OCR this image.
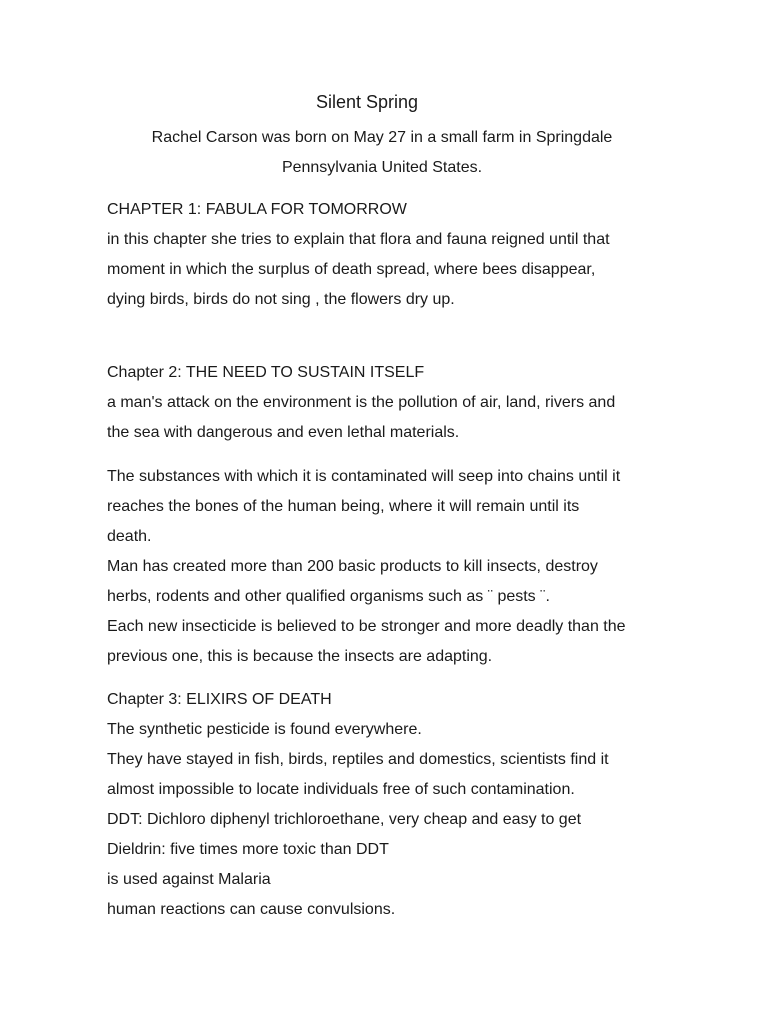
Silent Spring
Rachel Carson was born on May 27 in a small farm in Springdale Pennsylvania United States.
CHAPTER 1: FABULA FOR TOMORROW
in this chapter she tries to explain that flora and fauna reigned until that
moment in which the surplus of death spread, where bees disappear,
dying birds, birds do not sing , the flowers dry up.
Chapter 2: THE NEED TO SUSTAIN ITSELF
a man's attack on the environment is the pollution of air, land, rivers and
the sea with dangerous and even lethal materials.
The substances with which it is contaminated will seep into chains until it
reaches the bones of the human being, where it will remain until its
death.
Man has created more than 200 basic products to kill insects, destroy
herbs, rodents and other qualified organisms such as ¨ pests ¨.
Each new insecticide is believed to be stronger and more deadly than the
previous one, this is because the insects are adapting.
Chapter 3: ELIXIRS OF DEATH
The synthetic pesticide is found everywhere.
They have stayed in fish, birds, reptiles and domestics, scientists find it
almost impossible to locate individuals free of such contamination.
DDT: Dichloro diphenyl trichloroethane, very cheap and easy to get
Dieldrin: five times more toxic than DDT
is used against Malaria
human reactions can cause convulsions.
